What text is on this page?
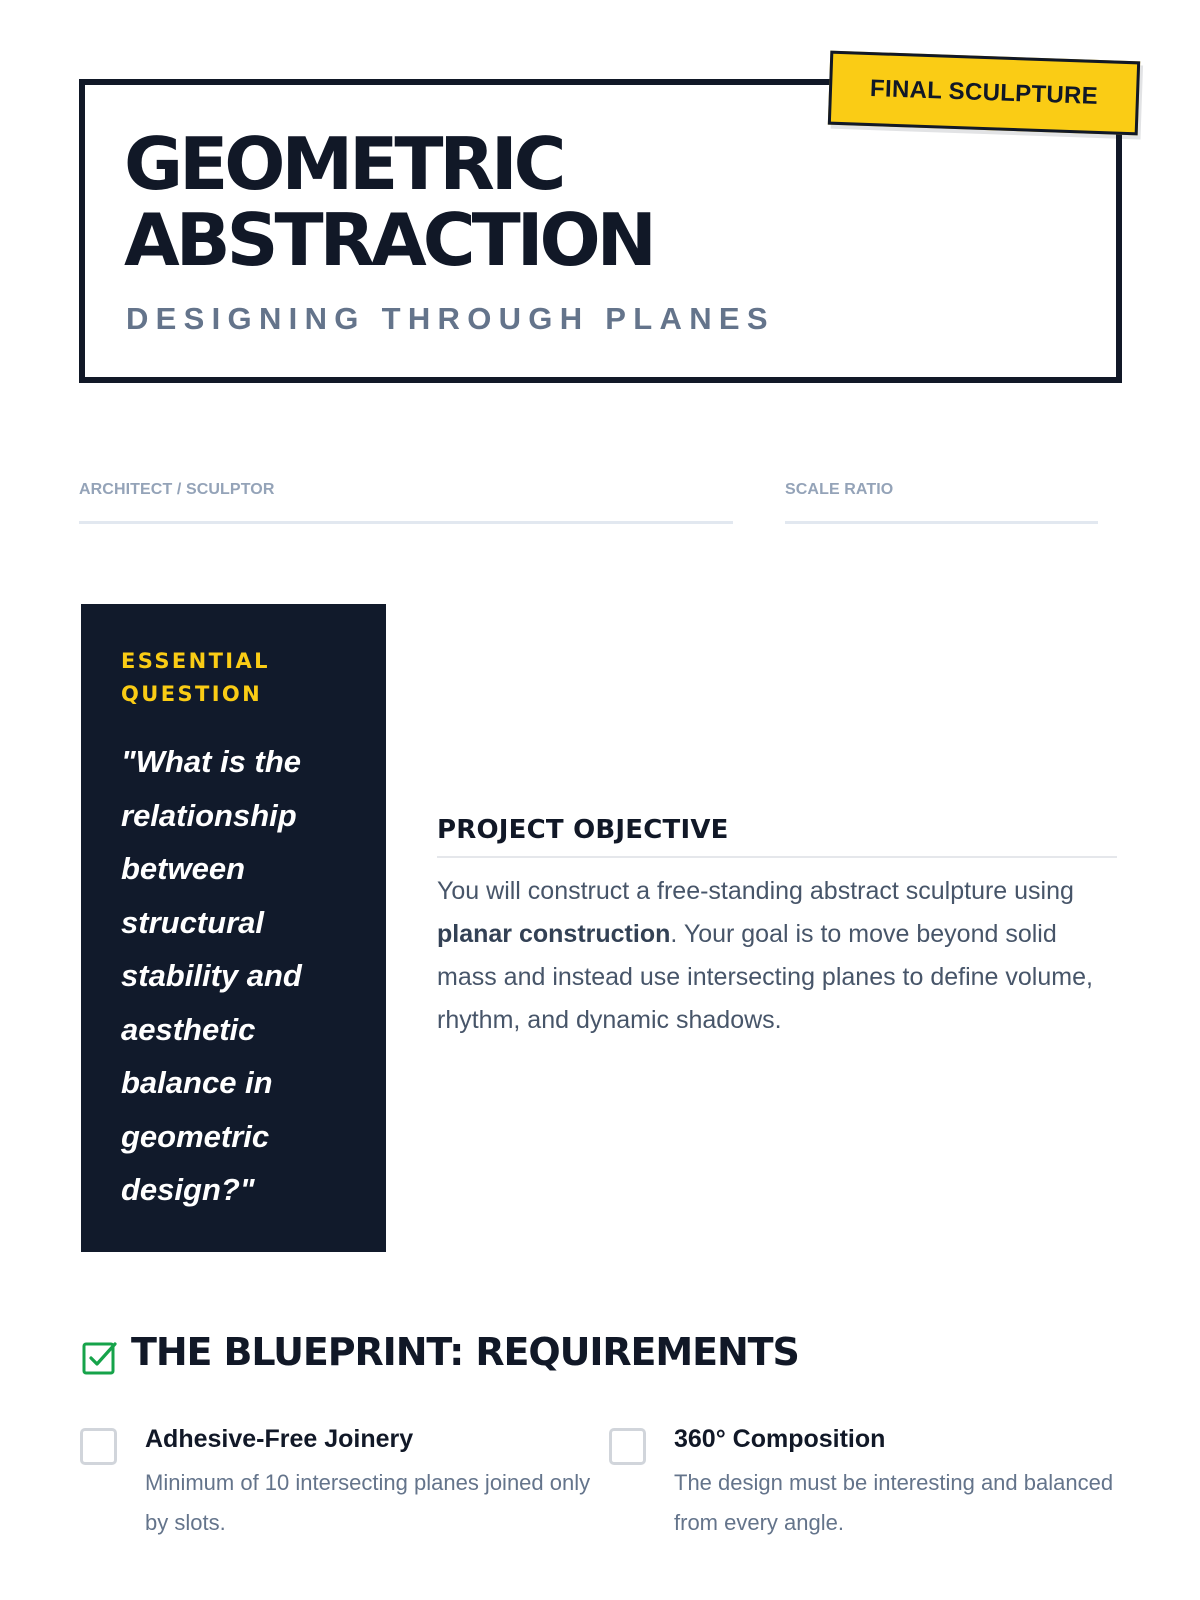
GEOMETRIC
ABSTRACTION
DESIGNING THROUGH PLANES
FINAL SCULPTURE
ARCHITECT / SCULPTOR	SCALE RATIO
ESSENTIAL QUESTION
"What is the relationship between structural stability and aesthetic balance in geometric design?"
PROJECT OBJECTIVE
You will construct a free-standing abstract sculpture using planar construction. Your goal is to move beyond solid mass and instead use intersecting planes to define volume, rhythm, and dynamic shadows.
THE BLUEPRINT: REQUIREMENTS
Adhesive-Free Joinery
Minimum of 10 intersecting planes joined only by slots.
360° Composition
The design must be interesting and balanced from every angle.
